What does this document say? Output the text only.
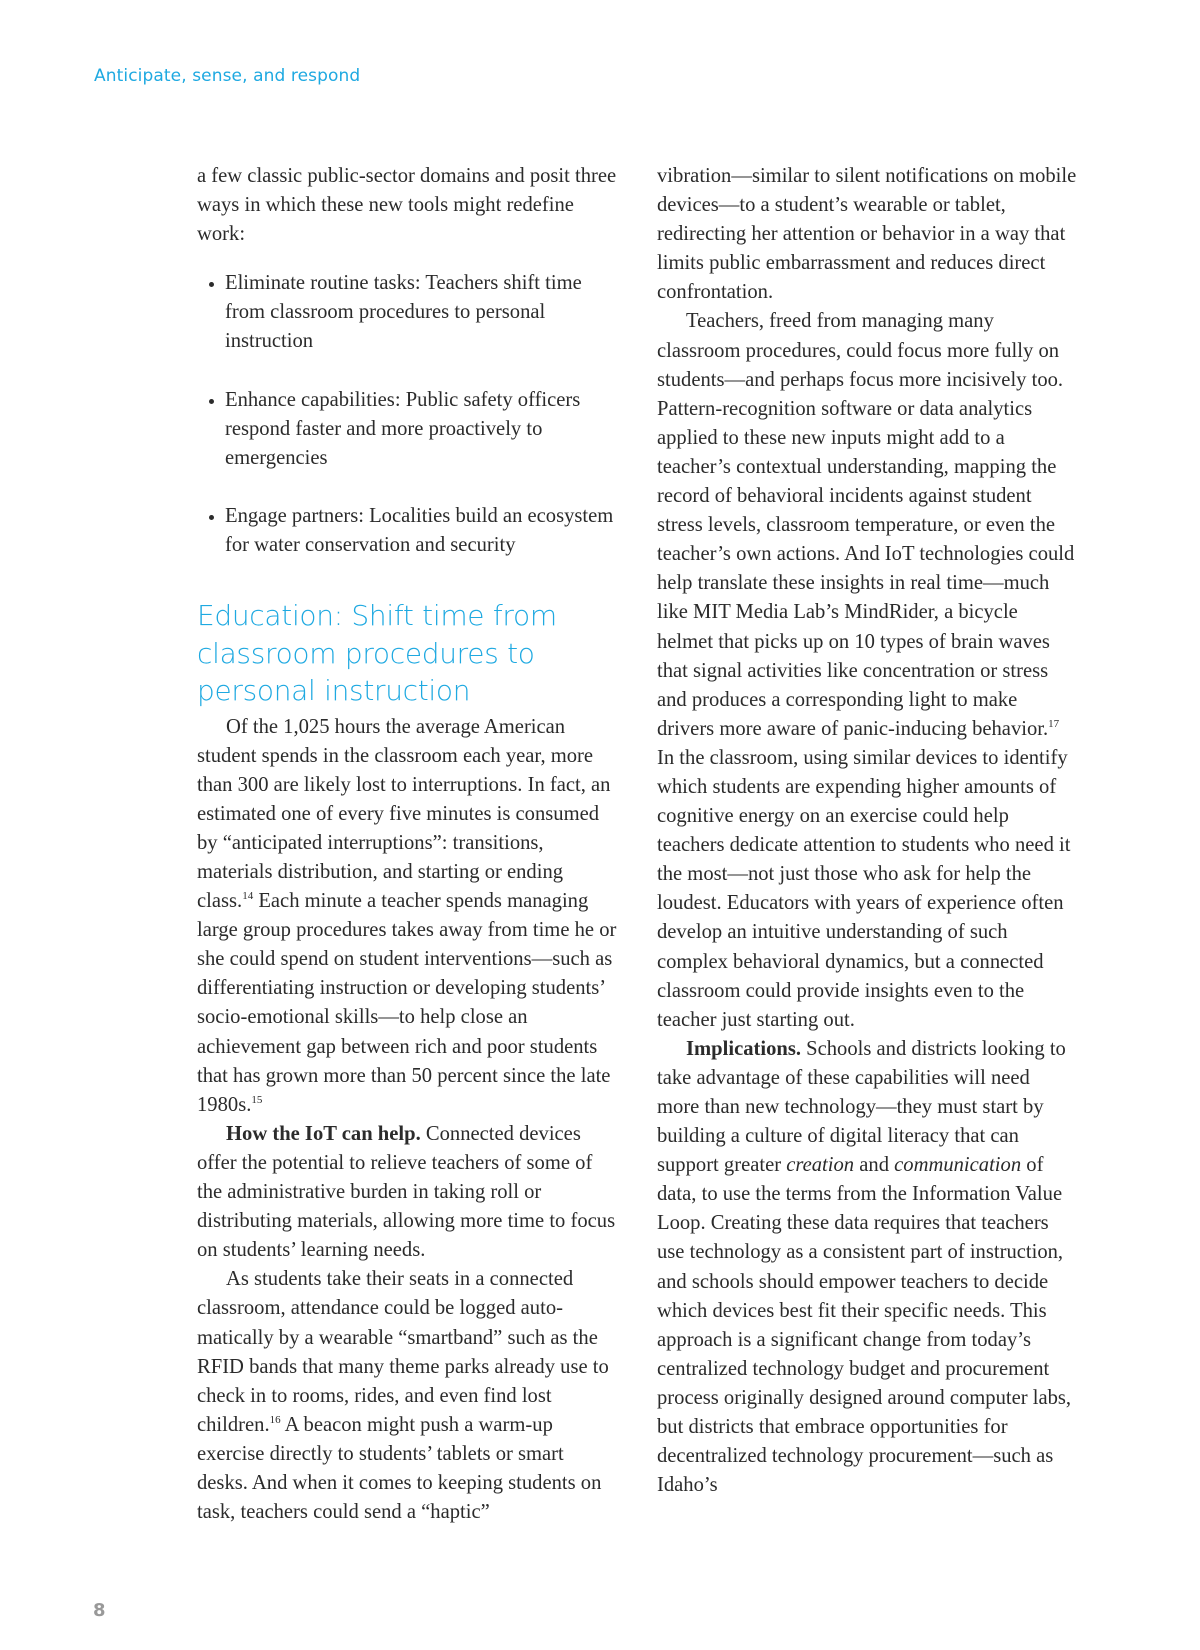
Anticipate, sense, and respond

a few classic public-sector domains and posit three ways in which these new tools might redefine work:

Eliminate routine tasks: Teachers shift time from classroom procedures to personal instruction
Enhance capabilities: Public safety officers respond faster and more proactively to emergencies
Engage partners: Localities build an ecosystem for water conservation and security
Education: Shift time from classroom procedures to personal instruction

Of the 1,025 hours the average American student spends in the classroom each year, more than 300 are likely lost to interruptions. In fact, an estimated one of every five minutes is consumed by “anticipated interruptions”: transitions, materials distribution, and starting or ending class.$^{14}$ Each minute a teacher spends managing large group procedures takes away from time he or she could spend on student interventions—such as differentiating instruction or developing students’ socio-emotional skills—to help close an achievement gap between rich and poor students that has grown more than 50 percent since the late 1980s.$^{15}$

How the IoT can help. Connected devices offer the potential to relieve teachers of some of the administrative burden in taking roll or distributing materials, allowing more time to focus on students’ learning needs.

As students take their seats in a connected classroom, attendance could be logged automatically by a wearable “smartband” such as the RFID bands that many theme parks already use to check in to rooms, rides, and even find lost children.$^{16}$ A beacon might push a warm-up exercise directly to students’ tablets or smart desks. And when it comes to keeping students on task, teachers could send a “haptic”

vibration—similar to silent notifications on mobile devices—to a student’s wearable or tablet, redirecting her attention or behavior in a way that limits public embarrassment and reduces direct confrontation.

Teachers, freed from managing many classroom procedures, could focus more fully on students—and perhaps focus more incisively too. Pattern-recognition software or data analytics applied to these new inputs might add to a teacher’s contextual understanding, mapping the record of behavioral incidents against student stress levels, classroom temperature, or even the teacher’s own actions. And IoT technologies could help translate these insights in real time—much like MIT Media Lab’s MindRider, a bicycle helmet that picks up on 10 types of brain waves that signal activities like concentration or stress and produces a corresponding light to make drivers more aware of panic-inducing behavior.$^{17}$ In the classroom, using similar devices to identify which students are expending higher amounts of cognitive energy on an exercise could help teachers dedicate attention to students who need it the most—not just those who ask for help the loudest. Educators with years of experience often develop an intuitive understanding of such complex behavioral dynamics, but a connected classroom could provide insights even to the teacher just starting out.

Implications. Schools and districts looking to take advantage of these capabilities will need more than new technology—they must start by building a culture of digital literacy that can support greater creation and communication of data, to use the terms from the Information Value Loop. Creating these data requires that teachers use technology as a consistent part of instruction, and schools should empower teachers to decide which devices best fit their specific needs. This approach is a significant change from today’s centralized technology budget and procurement process originally designed around computer labs, but districts that embrace opportunities for decentralized technology procurement—such as Idaho’s

8
